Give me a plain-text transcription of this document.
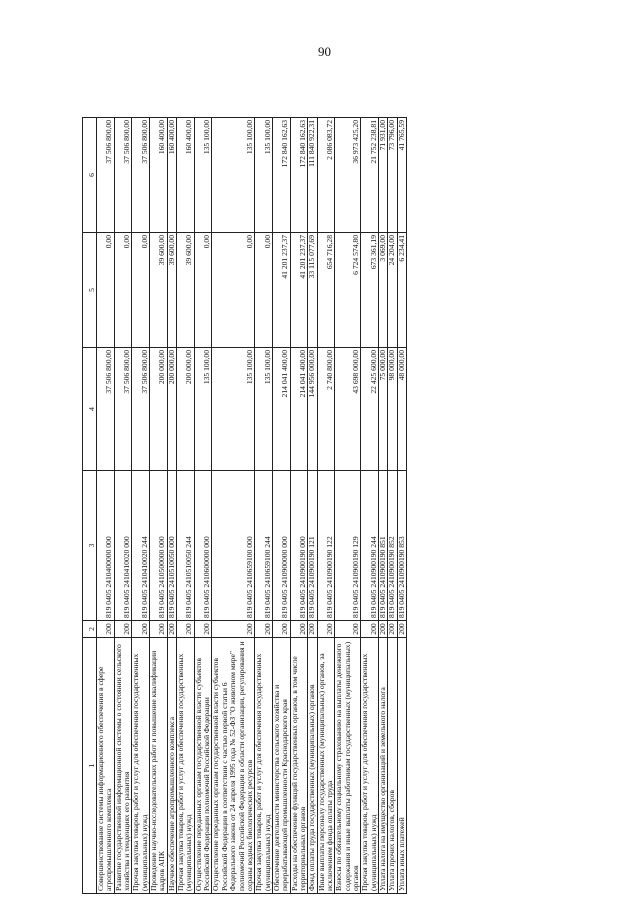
90
1	2	3	4	5	6
Совершенствование системы информационного обеспечения в сфере агропромышленного комплекса	200	819 0405 2410400000 000	37 506 800,00	0,00	37 506 800,00
Развитие государственной информационной системы о состоянии сельского хозяйства и тенденциях его развития	200	819 0405 2410410020 000	37 506 800,00	0,00	37 506 800,00
Прочая закупка товаров, работ и услуг для обеспечения государственных (муниципальных) нужд	200	819 0405 2410410020 244	37 506 800,00	0,00	37 506 800,00
Проведение научно-исследовательских работ и повышение квалификации кадров АПК	200	819 0405 2410500000 000	200 000,00	39 600,00	160 400,00
Научное обеспечение агропромышленного комплекса	200	819 0405 2410510050 000	200 000,00	39 600,00	160 400,00
Прочая закупка товаров, работ и услуг для обеспечения государственных (муниципальных) нужд	200	819 0405 2410510050 244	200 000,00	39 600,00	160 400,00
Осуществление переданных органам государственной власти субъектов Российской Федерации полномочий Российской Федерации	200	819 0405 2410600000 000	135 100,00	0,00	135 100,00
Осуществление переданных органам государственной власти субъектов Российской Федерации в соответствии с частью первой статьи 6 Федерального закона от 24 апреля 1995 года № 52-ФЗ "О животном мире" полномочий Российской Федерации в области организации, регулирования и охраны водных биологических ресурсов	200	819 0405 2410659100 000	135 100,00	0,00	135 100,00
Прочая закупка товаров, работ и услуг для обеспечения государственных (муниципальных) нужд	200	819 0405 2410659100 244	135 100,00	0,00	135 100,00
Обеспечение деятельности министерства сельского хозяйства и перерабатывающей промышленности Краснодарского края	200	819 0405 2410900000 000	214 041 400,00	41 201 237,37	172 840 162,63
Расходы на обеспечение функций государственных органов, в том числе территориальных органов	200	819 0405 2410900190 000	214 041 400,00	41 201 237,37	172 840 162,63
Фонд оплаты труда государственных (муниципальных) органов	200	819 0405 2410900190 121	144 956 000,00	33 115 077,69	111 840 922,31
Иные выплаты персоналу государственных (муниципальных) органов, за исключением фонда оплаты труда	200	819 0405 2410900190 122	2 740 800,00	654 716,28	2 086 083,72
Взносы по обязательному социальному страхованию на выплаты денежного содержания и иные выплаты работникам государственных (муниципальных) органов	200	819 0405 2410900190 129	43 698 000,00	6 724 574,80	36 973 425,20
Прочая закупка товаров, работ и услуг для обеспечения государственных (муниципальных) нужд	200	819 0405 2410900190 244	22 425 600,00	673 361,19	21 752 238,81
Уплата налога на имущество организаций и земельного налога	200	819 0405 2410900190 851	75 000,00	3 069,00	71 931,00
Уплата прочих налогов, сборов	200	819 0405 2410900190 852	98 000,00	24 204,00	73 796,00
Уплата иных платежей	200	819 0405 2410900190 853	48 000,00	6 234,41	41 765,59
